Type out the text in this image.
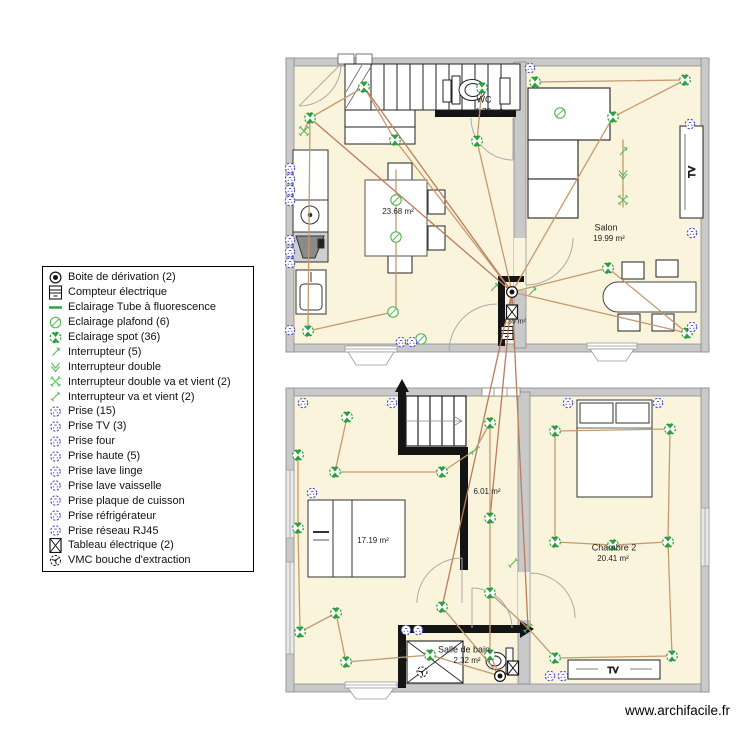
TV
TV
WC
1.73 m²
23.68 m²
Salon
19.99 m²
0.39 m²
17.19 m²
6.01 m²
Salle de bain
2.32 m²
Chambre 2
20.41 m²
Boite de dérivation (2)
Compteur électrique
Eclairage Tube à fluorescence
Eclairage plafond (6)
Eclairage spot (36)
Interrupteur (5)
Interrupteur double
Interrupteur double va et vient (2)
Interrupteur va et vient (2)
Prise (15)
Prise TV (3)
Prise four
Prise haute (5)
Prise lave linge
Prise lave vaisselle
Prise plaque de cuisson
Prise réfrigérateur
Prise réseau RJ45
Tableau électrique (2)
VMC bouche d'extraction
www.archifacile.fr
